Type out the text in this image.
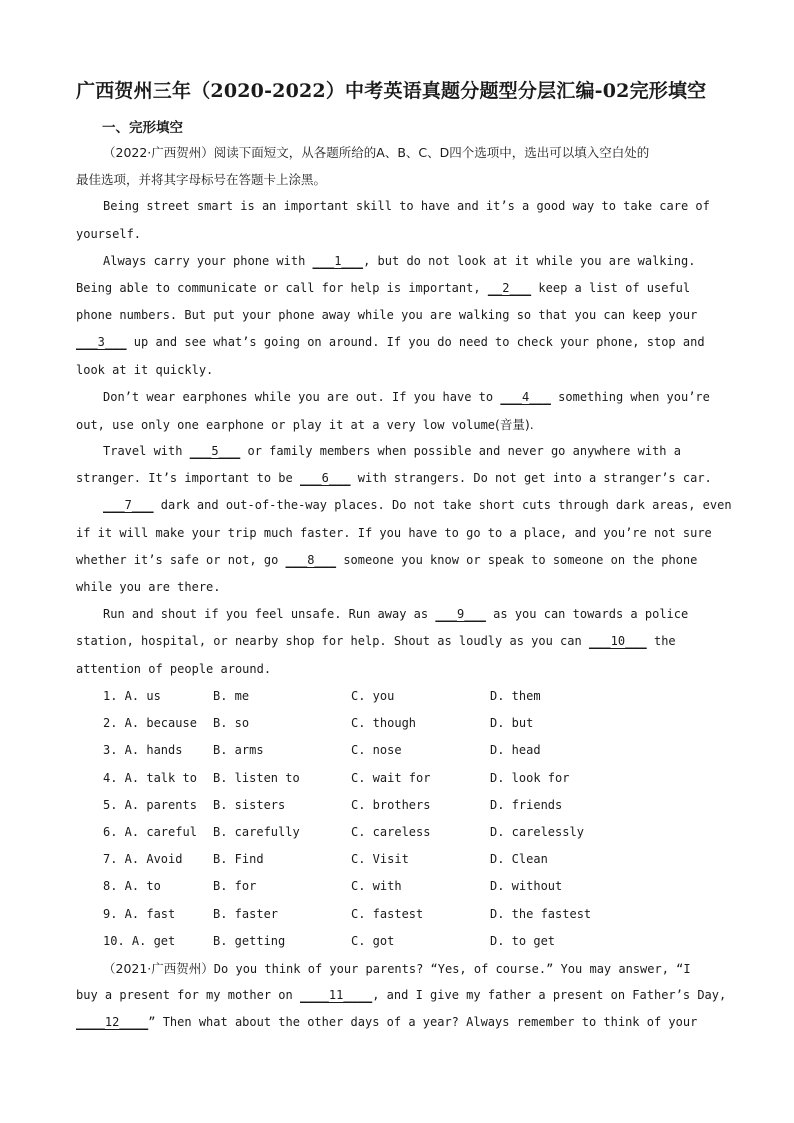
广西贺州三年（2020-2022）中考英语真题分题型分层汇编-02完形填空
一、完形填空
（2022·广西贺州）阅读下面短文，从各题所给的A、B、C、D四个选项中，选出可以填入空白处的
最佳选项，并将其字母标号在答题卡上涂黑。
Being street smart is an important skill to have and it’s a good way to take care of
yourself.
Always carry your phone with ___1___, but do not look at it while you are walking.
Being able to communicate or call for help is important, __2___ keep a list of useful
phone numbers. But put your phone away while you are walking so that you can keep your
___3___ up and see what’s going on around. If you do need to check your phone, stop and
look at it quickly.
Don’t wear earphones while you are out. If you have to ___4___ something when you’re
out, use only one earphone or play it at a very low volume(音量).
Travel with ___5___ or family members when possible and never go anywhere with a
stranger. It’s important to be ___6___ with strangers. Do not get into a stranger’s car.
___7___ dark and out-of-the-way places. Do not take short cuts through dark areas, even
if it will make your trip much faster. If you have to go to a place, and you’re not sure
whether it’s safe or not, go ___8___ someone you know or speak to someone on the phone
while you are there.
Run and shout if you feel unsafe. Run away as ___9___ as you can towards a police
station, hospital, or nearby shop for help. Shout as loudly as you can ___10___ the
attention of people around.
1. A. us	B. me	C. you	D. them
2. A. because	B. so	C. though	D. but
3. A. hands	B. arms	C. nose	D. head
4. A. talk to	B. listen to	C. wait for	D. look for
5. A. parents	B. sisters	C. brothers	D. friends
6. A. careful	B. carefully	C. careless	D. carelessly
7. A. Avoid	B. Find	C. Visit	D. Clean
8. A. to	B. for	C. with	D. without
9. A. fast	B. faster	C. fastest	D. the fastest
10. A. get	B. getting	C. got	D. to get
（2021·广西贺州）Do you think of your parents? “Yes, of course.” You may answer, “I
buy a present for my mother on ____11____, and I give my father a present on Father’s Day,
____12____” Then what about the other days of a year? Always remember to think of your
